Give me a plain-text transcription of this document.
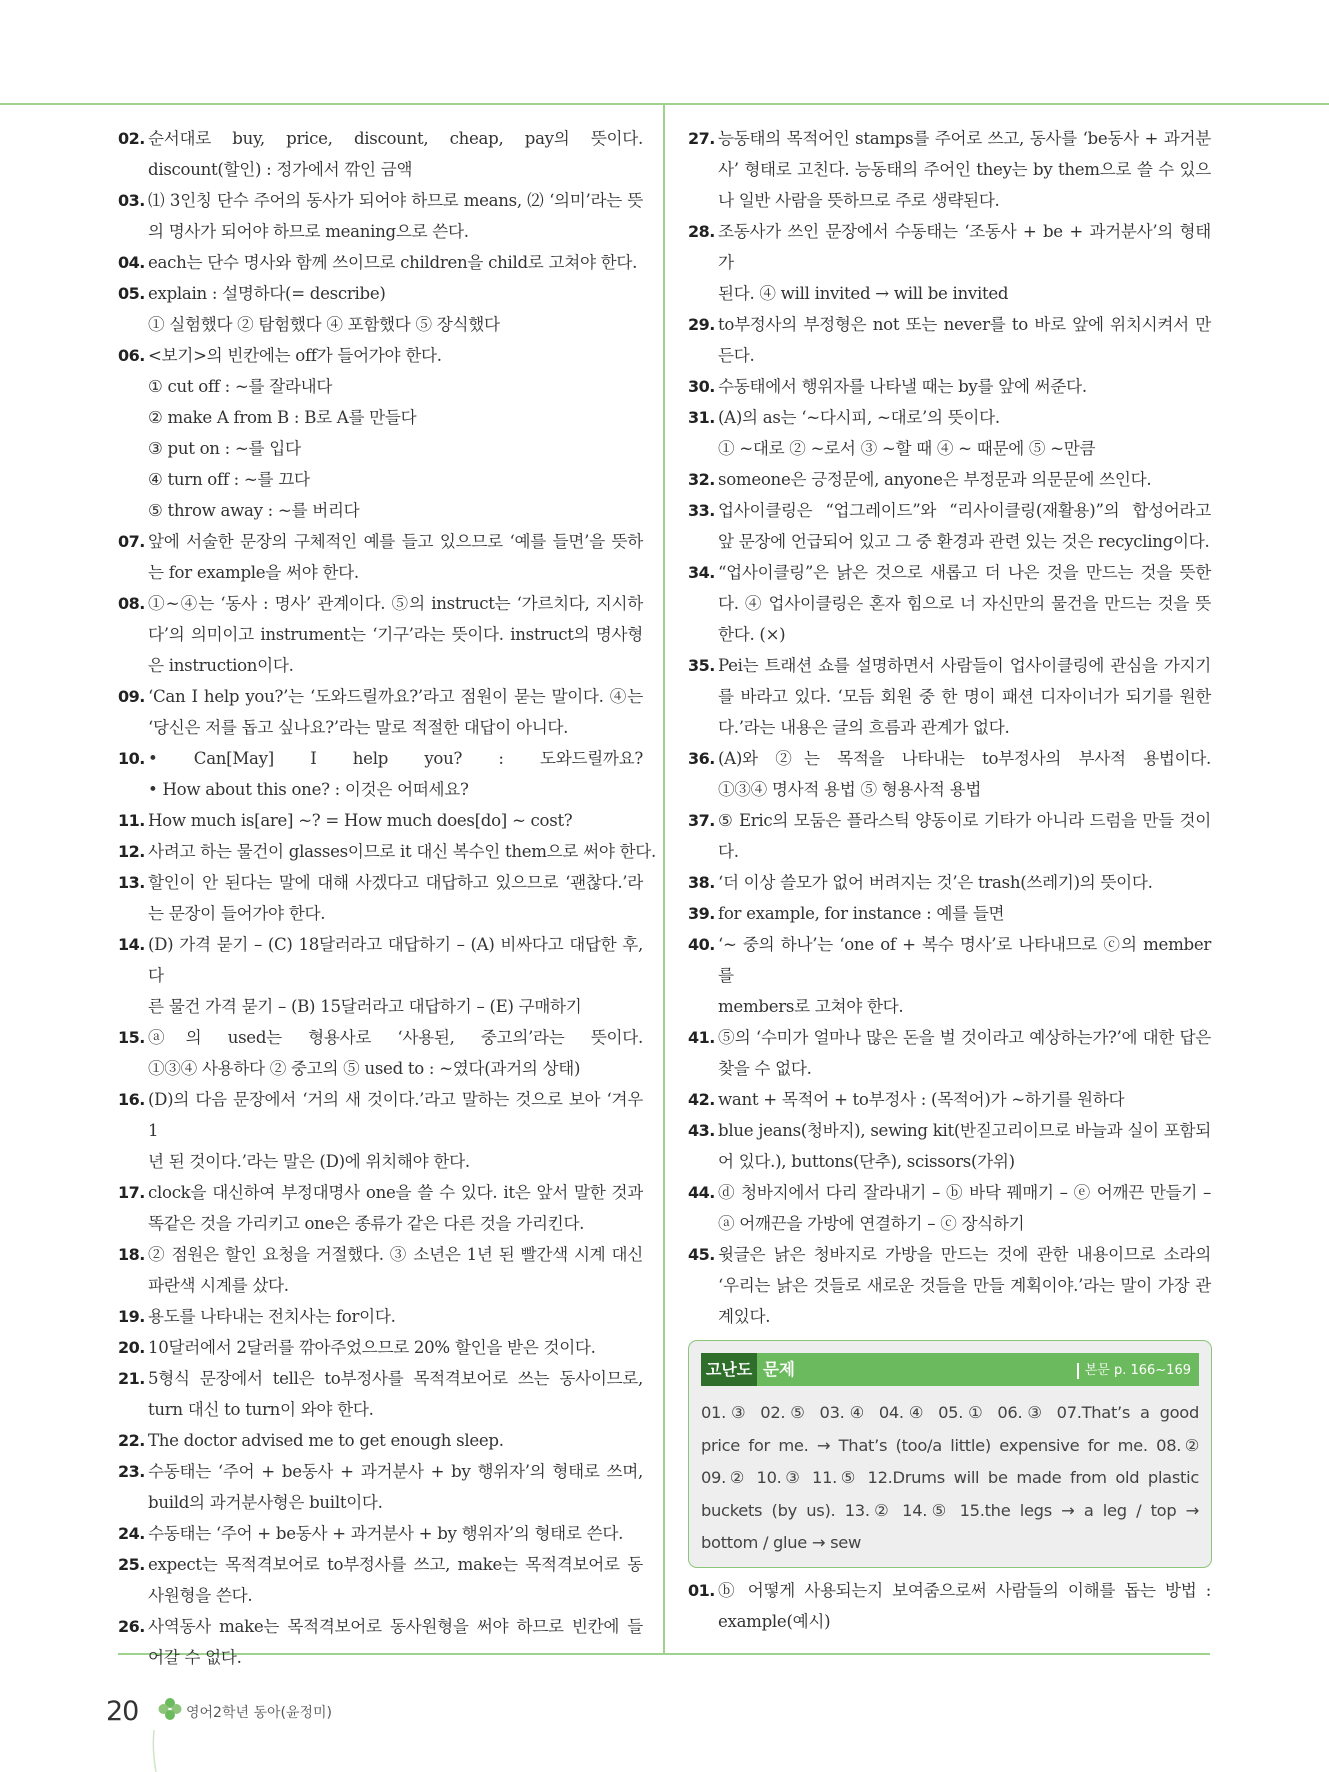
02. 순서대로 buy, price, discount, cheap, pay의 뜻이다.
discount(할인) : 정가에서 깎인 금액
03. ⑴ 3인칭 단수 주어의 동사가 되어야 하므로 means, ⑵ ‘의미’라는 뜻
의 명사가 되어야 하므로 meaning으로 쓴다.
04. each는 단수 명사와 함께 쓰이므로 children을 child로 고쳐야 한다.
05. explain : 설명하다(= describe)
① 실험했다 ② 탐험했다 ④ 포함했다 ⑤ 장식했다
06. <보기>의 빈칸에는 off가 들어가야 한다.
① cut off : ~를 잘라내다
② make A from B : B로 A를 만들다
③ put on : ~를 입다
④ turn off : ~를 끄다
⑤ throw away : ~를 버리다
07. 앞에 서술한 문장의 구체적인 예를 들고 있으므로 ‘예를 들면’을 뜻하
는 for example을 써야 한다.
08. ①~④는 ‘동사 : 명사’ 관계이다. ⑤의 instruct는 ‘가르치다, 지시하
다’의 의미이고 instrument는 ‘기구’라는 뜻이다. instruct의 명사형
은 instruction이다.
09. ‘Can I help you?’는 ‘도와드릴까요?’라고 점원이 묻는 말이다. ④는
‘당신은 저를 돕고 싶나요?’라는 말로 적절한 대답이 아니다.
10. • Can[May] I help you? : 도와드릴까요?
• How about this one? : 이것은 어떠세요?
11. How much is[are] ~? = How much does[do] ~ cost?
12. 사려고 하는 물건이 glasses이므로 it 대신 복수인 them으로 써야 한다.
13. 할인이 안 된다는 말에 대해 사겠다고 대답하고 있으므로 ‘괜찮다.’라
는 문장이 들어가야 한다.
14. (D) 가격 묻기 – (C) 18달러라고 대답하기 – (A) 비싸다고 대답한 후, 다
른 물건 가격 묻기 – (B) 15달러라고 대답하기 – (E) 구매하기
15. ⓐ의 used는 형용사로 ‘사용된, 중고의’라는 뜻이다.
①③④ 사용하다 ② 중고의 ⑤ used to : ~였다(과거의 상태)
16. (D)의 다음 문장에서 ‘거의 새 것이다.’라고 말하는 것으로 보아 ‘겨우 1
년 된 것이다.’라는 말은 (D)에 위치해야 한다.
17. clock을 대신하여 부정대명사 one을 쓸 수 있다. it은 앞서 말한 것과
똑같은 것을 가리키고 one은 종류가 같은 다른 것을 가리킨다.
18. ② 점원은 할인 요청을 거절했다. ③ 소년은 1년 된 빨간색 시계 대신
파란색 시계를 샀다.
19. 용도를 나타내는 전치사는 for이다.
20. 10달러에서 2달러를 깎아주었으므로 20% 할인을 받은 것이다.
21. 5형식 문장에서 tell은 to부정사를 목적격보어로 쓰는 동사이므로,
turn 대신 to turn이 와야 한다.
22. The doctor advised me to get enough sleep.
23. 수동태는 ‘주어 + be동사 + 과거분사 + by 행위자’의 형태로 쓰며,
build의 과거분사형은 built이다.
24. 수동태는 ‘주어 + be동사 + 과거분사 + by 행위자’의 형태로 쓴다.
25. expect는 목적격보어로 to부정사를 쓰고, make는 목적격보어로 동
사원형을 쓴다.
26. 사역동사 make는 목적격보어로 동사원형을 써야 하므로 빈칸에 들
어갈 수 없다.
27. 능동태의 목적어인 stamps를 주어로 쓰고, 동사를 ‘be동사 + 과거분
사’ 형태로 고친다. 능동태의 주어인 they는 by them으로 쓸 수 있으
나 일반 사람을 뜻하므로 주로 생략된다.
28. 조동사가 쓰인 문장에서 수동태는 ‘조동사 + be + 과거분사’의 형태가
된다. ④ will invited → will be invited
29. to부정사의 부정형은 not 또는 never를 to 바로 앞에 위치시켜서 만
든다.
30. 수동태에서 행위자를 나타낼 때는 by를 앞에 써준다.
31. (A)의 as는 ‘~다시피, ~대로’의 뜻이다.
① ~대로 ② ~로서 ③ ~할 때 ④ ~ 때문에 ⑤ ~만큼
32. someone은 긍정문에, anyone은 부정문과 의문문에 쓰인다.
33. 업사이클링은 “업그레이드”와 “리사이클링(재활용)”의 합성어라고
앞 문장에 언급되어 있고 그 중 환경과 관련 있는 것은 recycling이다.
34. “업사이클링”은 낡은 것으로 새롭고 더 나은 것을 만드는 것을 뜻한
다. ④ 업사이클링은 혼자 힘으로 너 자신만의 물건을 만드는 것을 뜻
한다. (×)
35. Pei는 트래션 쇼를 설명하면서 사람들이 업사이클링에 관심을 가지기
를 바라고 있다. ‘모듬 회원 중 한 명이 패션 디자이너가 되기를 원한
다.’라는 내용은 글의 흐름과 관계가 없다.
36. (A)와 ②는 목적을 나타내는 to부정사의 부사적 용법이다.
①③④ 명사적 용법 ⑤ 형용사적 용법
37. ⑤ Eric의 모둠은 플라스틱 양동이로 기타가 아니라 드럼을 만들 것이
다.
38. ‘더 이상 쓸모가 없어 버려지는 것’은 trash(쓰레기)의 뜻이다.
39. for example, for instance : 예를 들면
40. ‘~ 중의 하나’는 ‘one of + 복수 명사’로 나타내므로 ⓒ의 member를
members로 고쳐야 한다.
41. ⑤의 ‘수미가 얼마나 많은 돈을 벌 것이라고 예상하는가?’에 대한 답은
찾을 수 없다.
42. want + 목적어 + to부정사 : (목적어)가 ~하기를 원하다
43. blue jeans(청바지), sewing kit(반짇고리이므로 바늘과 실이 포함되
어 있다.), buttons(단추), scissors(가위)
44. ⓓ 청바지에서 다리 잘라내기 – ⓑ 바닥 꿰매기 – ⓔ 어깨끈 만들기 –
ⓐ 어깨끈을 가방에 연결하기 – ⓒ 장식하기
45. 윗글은 낡은 청바지로 가방을 만드는 것에 관한 내용이므로 소라의
‘우리는 낡은 것들로 새로운 것들을 만들 계획이야.’라는 말이 가장 관
계있다.
고난도 문제	본문 p. 166~169
01.③ 02.⑤ 03.④ 04.④ 05.① 06.③ 07.That’s a good
price for me. → That’s (too/a little) expensive for me. 08.②
09.② 10.③ 11.⑤ 12.Drums will be made from old plastic
buckets (by us). 13.② 14.⑤ 15.the legs → a leg / top →
bottom / glue → sew
01. ⓑ 어떻게 사용되는지 보여줌으로써 사람들의 이해를 돕는 방법 :
example(예시)
20	영어2학년 동아(윤정미)
